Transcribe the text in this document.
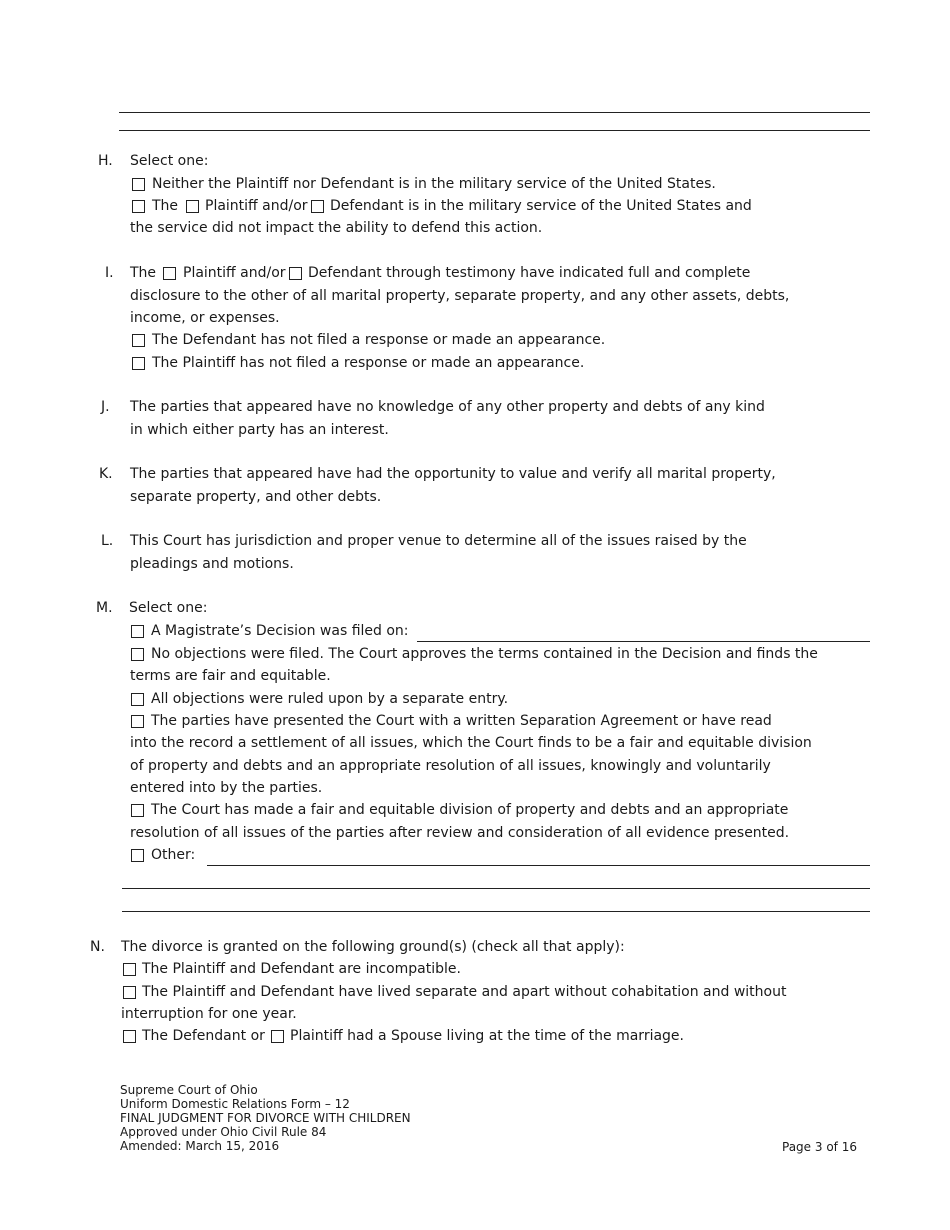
H. Select one:
Neither the Plaintiff nor Defendant is in the military service of the United States.
The Plaintiff and/or Defendant is in the military service of the United States and
the service did not impact the ability to defend this action.
I. The Plaintiff and/or Defendant through testimony have indicated full and complete
disclosure to the other of all marital property, separate property, and any other assets, debts,
income, or expenses.
The Defendant has not filed a response or made an appearance.
The Plaintiff has not filed a response or made an appearance.
J. The parties that appeared have no knowledge of any other property and debts of any kind
in which either party has an interest.
K. The parties that appeared have had the opportunity to value and verify all marital property,
separate property, and other debts.
L. This Court has jurisdiction and proper venue to determine all of the issues raised by the
pleadings and motions.
M. Select one:
A Magistrate’s Decision was filed on:
No objections were filed. The Court approves the terms contained in the Decision and finds the
terms are fair and equitable.
All objections were ruled upon by a separate entry.
The parties have presented the Court with a written Separation Agreement or have read
into the record a settlement of all issues, which the Court finds to be a fair and equitable division
of property and debts and an appropriate resolution of all issues, knowingly and voluntarily
entered into by the parties.
The Court has made a fair and equitable division of property and debts and an appropriate
resolution of all issues of the parties after review and consideration of all evidence presented.
Other:
N. The divorce is granted on the following ground(s) (check all that apply):
The Plaintiff and Defendant are incompatible.
The Plaintiff and Defendant have lived separate and apart without cohabitation and without
interruption for one year.
The Defendant or Plaintiff had a Spouse living at the time of the marriage.
Supreme Court of Ohio
Uniform Domestic Relations Form – 12
FINAL JUDGMENT FOR DIVORCE WITH CHILDREN
Approved under Ohio Civil Rule 84
Amended: March 15, 2016	Page 3 of 16
